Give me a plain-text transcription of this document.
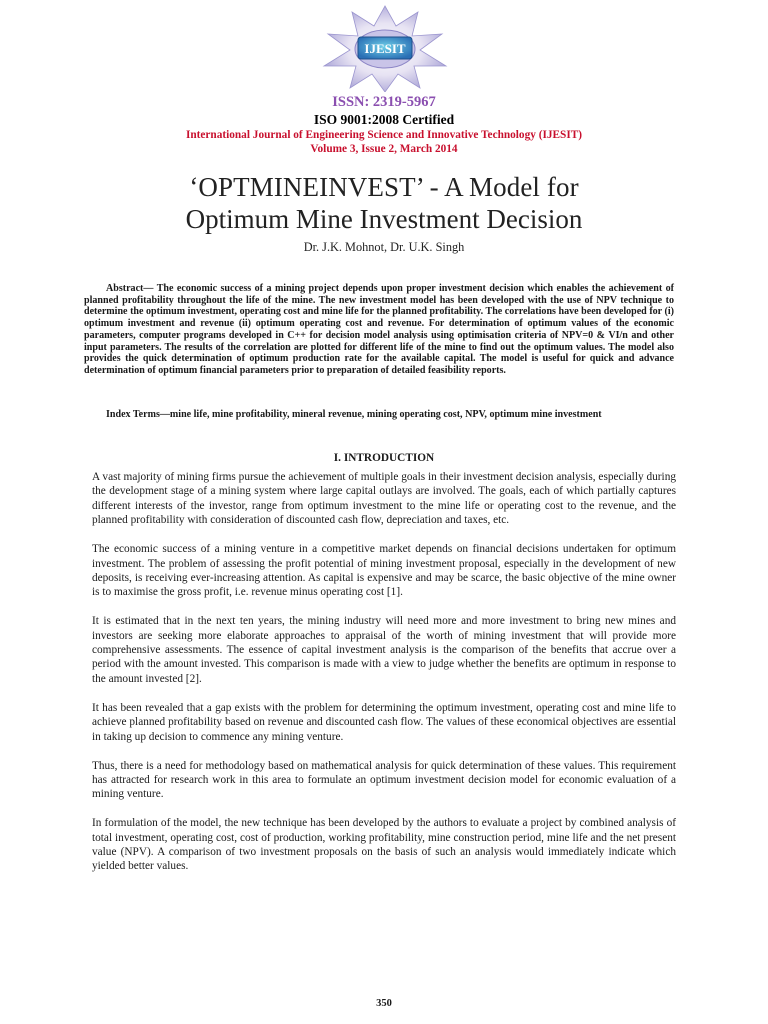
IJESIT
ISSN: 2319-5967
ISO 9001:2008 Certified
International Journal of Engineering Science and Innovative Technology (IJESIT)
Volume 3, Issue 2, March 2014
‘OPTMINEINVEST’ - A Model for
Optimum Mine Investment Decision
Dr. J.K. Mohnot, Dr. U.K. Singh

Abstract— The economic success of a mining project depends upon proper investment decision which enables the achievement of planned profitability throughout the life of the mine. The new investment model has been developed with the use of NPV technique to determine the optimum investment, operating cost and mine life for the planned profitability. The correlations have been developed for (i) optimum investment and revenue (ii) optimum operating cost and revenue. For determination of optimum values of the economic parameters, computer programs developed in C++ for decision model analysis using optimisation criteria of NPV=0 & VI/n and other input parameters. The results of the correlation are plotted for different life of the mine to find out the optimum values. The model also provides the quick determination of optimum production rate for the available capital. The model is useful for quick and advance determination of optimum financial parameters prior to preparation of detailed feasibility reports.

Index Terms—mine life, mine profitability, mineral revenue, mining operating cost, NPV, optimum mine investment

I. INTRODUCTION

A vast majority of mining firms pursue the achievement of multiple goals in their investment decision analysis, especially during the development stage of a mining system where large capital outlays are involved. The goals, each of which partially captures different interests of the investor, range from optimum investment to the mine life or operating cost to the revenue, and the planned profitability with consideration of discounted cash flow, depreciation and taxes, etc.

The economic success of a mining venture in a competitive market depends on financial decisions undertaken for optimum investment. The problem of assessing the profit potential of mining investment proposal, especially in the development of new deposits, is receiving ever-increasing attention. As capital is expensive and may be scarce, the basic objective of the mine owner is to maximise the gross profit, i.e. revenue minus operating cost [1].

It is estimated that in the next ten years, the mining industry will need more and more investment to bring new mines and investors are seeking more elaborate approaches to appraisal of the worth of mining investment that will provide more comprehensive assessments. The essence of capital investment analysis is the comparison of the benefits that accrue over a period with the amount invested. This comparison is made with a view to judge whether the benefits are optimum in response to the amount invested [2].

It has been revealed that a gap exists with the problem for determining the optimum investment, operating cost and mine life to achieve planned profitability based on revenue and discounted cash flow. The values of these economical objectives are essential in taking up decision to commence any mining venture.

Thus, there is a need for methodology based on mathematical analysis for quick determination of these values. This requirement has attracted for research work in this area to formulate an optimum investment decision model for economic evaluation of a mining venture.

In formulation of the model, the new technique has been developed by the authors to evaluate a project by combined analysis of total investment, operating cost, cost of production, working profitability, mine construction period, mine life and the net present value (NPV). A comparison of two investment proposals on the basis of such an analysis would immediately indicate which yielded better values.

350
